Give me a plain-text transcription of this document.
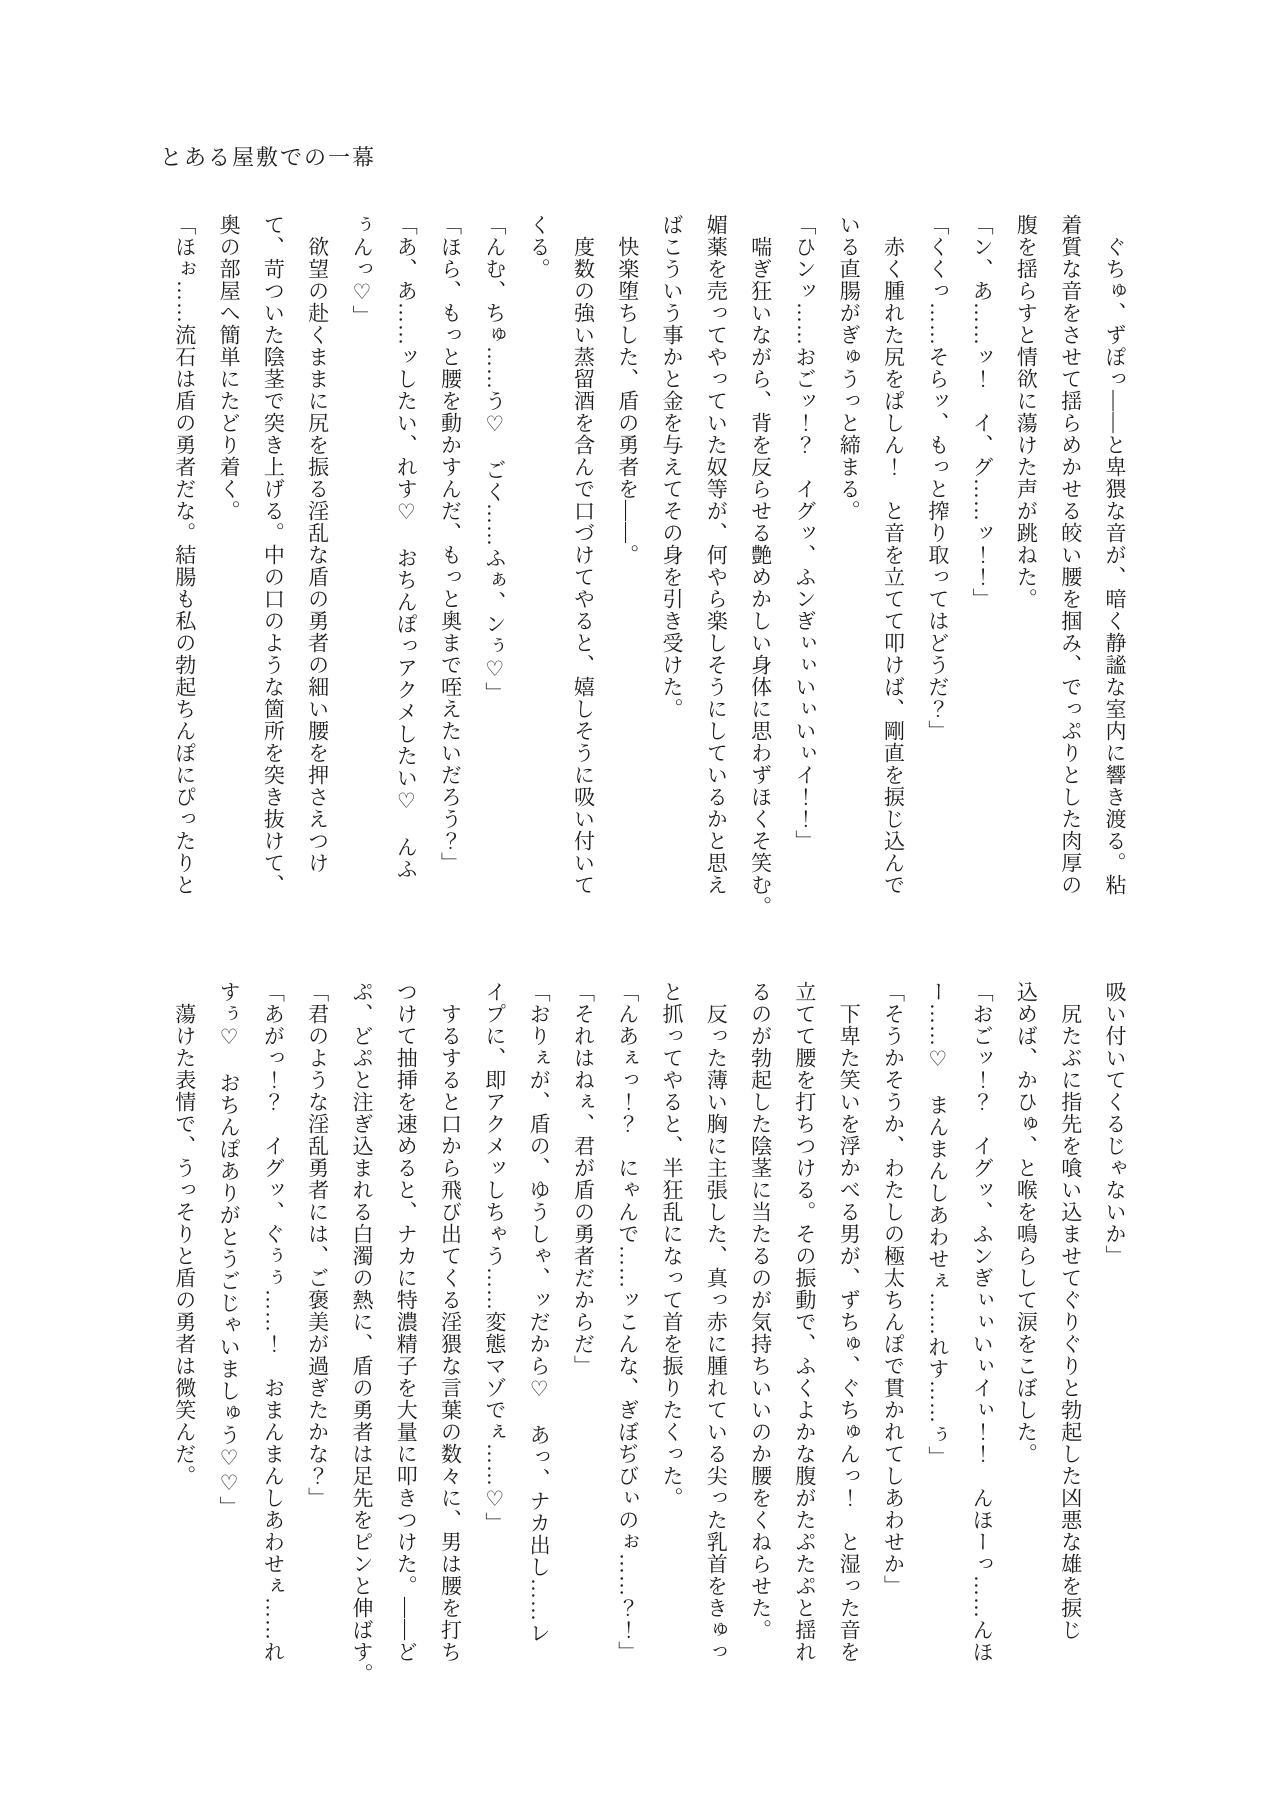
とある屋敷での一幕

　ぐちゅ、ずぽっ――と卑猥な音が、暗く静謐な室内に響き渡る。粘

着質な音をさせて揺らめかせる皎い腰を掴み、でっぷりとした肉厚の

腹を揺らすと情欲に蕩けた声が跳ねた。

「ン、あ……ッ！　イ、グ……ッ！！」

「くくっ……そらッ、もっと搾り取ってはどうだ？」

　赤く腫れた尻をぱしん！　と音を立てて叩けば、剛直を捩じ込んで

いる直腸がぎゅうっと締まる。

「ひンッ……おごッ！？　イグッ、ふンぎぃぃいぃいぃイ！！」

　喘ぎ狂いながら、背を反らせる艶めかしい身体に思わずほくそ笑む。

媚薬を売ってやっていた奴等が、何やら楽しそうにしているかと思え

ばこういう事かと金を与えてその身を引き受けた。

　快楽堕ちした、盾の勇者を――。

　度数の強い蒸留酒を含んで口づけてやると、嬉しそうに吸い付いて

くる。

「んむ、ちゅ……う♡　ごく……ふぁ、ンぅ♡」

「ほら、もっと腰を動かすんだ、もっと奥まで咥えたいだろう？」

「あ、あ……ッしたい、れす♡　おちんぽっアクメしたい♡　んふ

ぅんっ♡」

　欲望の赴くままに尻を振る淫乱な盾の勇者の細い腰を押さえつけ

て、苛ついた陰茎で突き上げる。中の口のような箇所を突き抜けて、

奥の部屋へ簡単にたどり着く。

「ほぉ……流石は盾の勇者だな。結腸も私の勃起ちんぽにぴったりと

吸い付いてくるじゃないか」

　尻たぶに指先を喰い込ませてぐりぐりと勃起した凶悪な雄を捩じ

込めば、かひゅ、と喉を鳴らして涙をこぼした。

「おごッ！？　イグッ、ふンぎぃぃいぃイぃ！！　んほーっ……んほ

ー……♡　まんまんしあわせぇ……れす……ぅ」

「そうかそうか、わたしの極太ちんぽで貫かれてしあわせか」

　下卑た笑いを浮かべる男が、ずちゅ、ぐちゅんっ！　と湿った音を

立てて腰を打ちつける。その振動で、ふくよかな腹がたぷたぷと揺れ

るのが勃起した陰茎に当たるのが気持ちいいのか腰をくねらせた。

　反った薄い胸に主張した、真っ赤に腫れている尖った乳首をきゅっ

と抓ってやると、半狂乱になって首を振りたくった。

「んあぇっ！？　にゃんで……ッこんな、ぎぼぢびぃのぉ……？！」

「それはねぇ、君が盾の勇者だからだ」

「おりぇが、盾の、ゆうしゃ、ッだから♡　あっ、ナカ出し……レ

イプに、即アクメッしちゃう……変態マゾでぇ……♡」

　するすると口から飛び出てくる淫猥な言葉の数々に、男は腰を打ち

つけて抽挿を速めると、ナカに特濃精子を大量に叩きつけた。――ど

ぷ、どぷと注ぎ込まれる白濁の熱に、盾の勇者は足先をピンと伸ばす。

「君のような淫乱勇者には、ご褒美が過ぎたかな？」

「あがっ！？　イグッ、ぐぅぅ……！　おまんまんしあわせぇ……れ

すぅ♡　おちんぽありがとうごじゃいましゅう♡♡」

　蕩けた表情で、うっそりと盾の勇者は微笑んだ。
